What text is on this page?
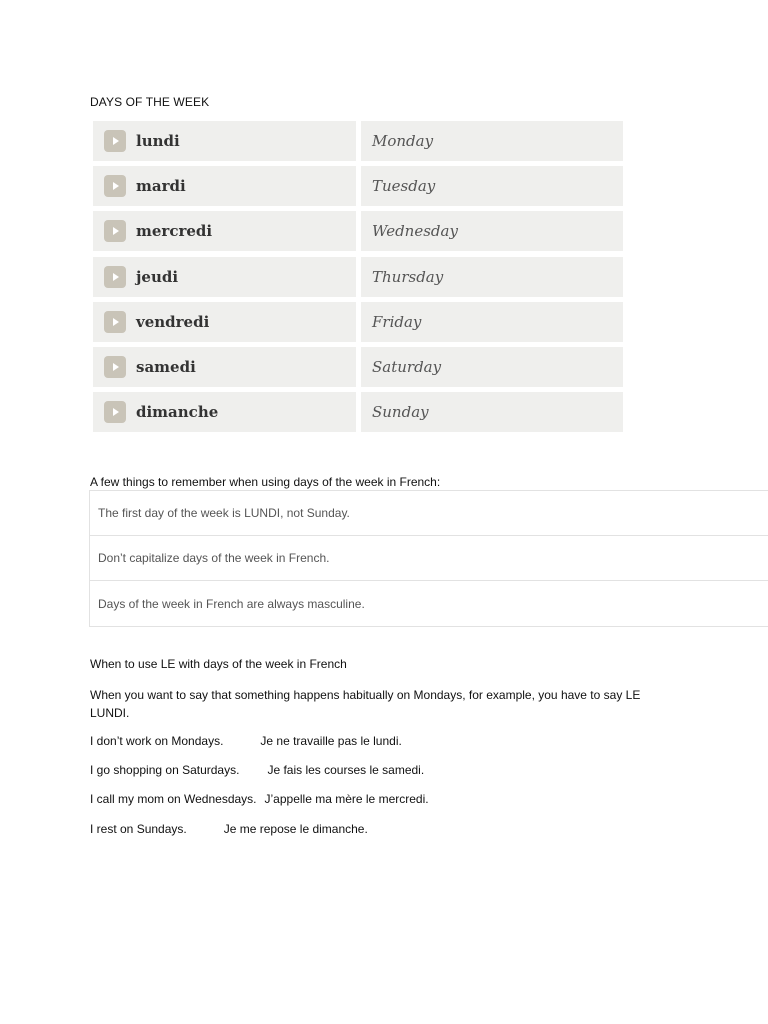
DAYS OF THE WEEK
lundi	Monday
mardi	Tuesday
mercredi	Wednesday
jeudi	Thursday
vendredi	Friday
samedi	Saturday
dimanche	Sunday
A few things to remember when using days of the week in French:
The first day of the week is LUNDI, not Sunday.
Don’t capitalize days of the week in French.
Days of the week in French are always masculine.
When to use LE with days of the week in French
When you want to say that something happens habitually on Mondays, for example, you have to say LE LUNDI.
I don’t work on Mondays.	Je ne travaille pas le lundi.
I go shopping on Saturdays. Je fais les courses le samedi.
I call my mom on Wednesdays. J’appelle ma mère le mercredi.
I rest on Sundays.	Je me repose le dimanche.
